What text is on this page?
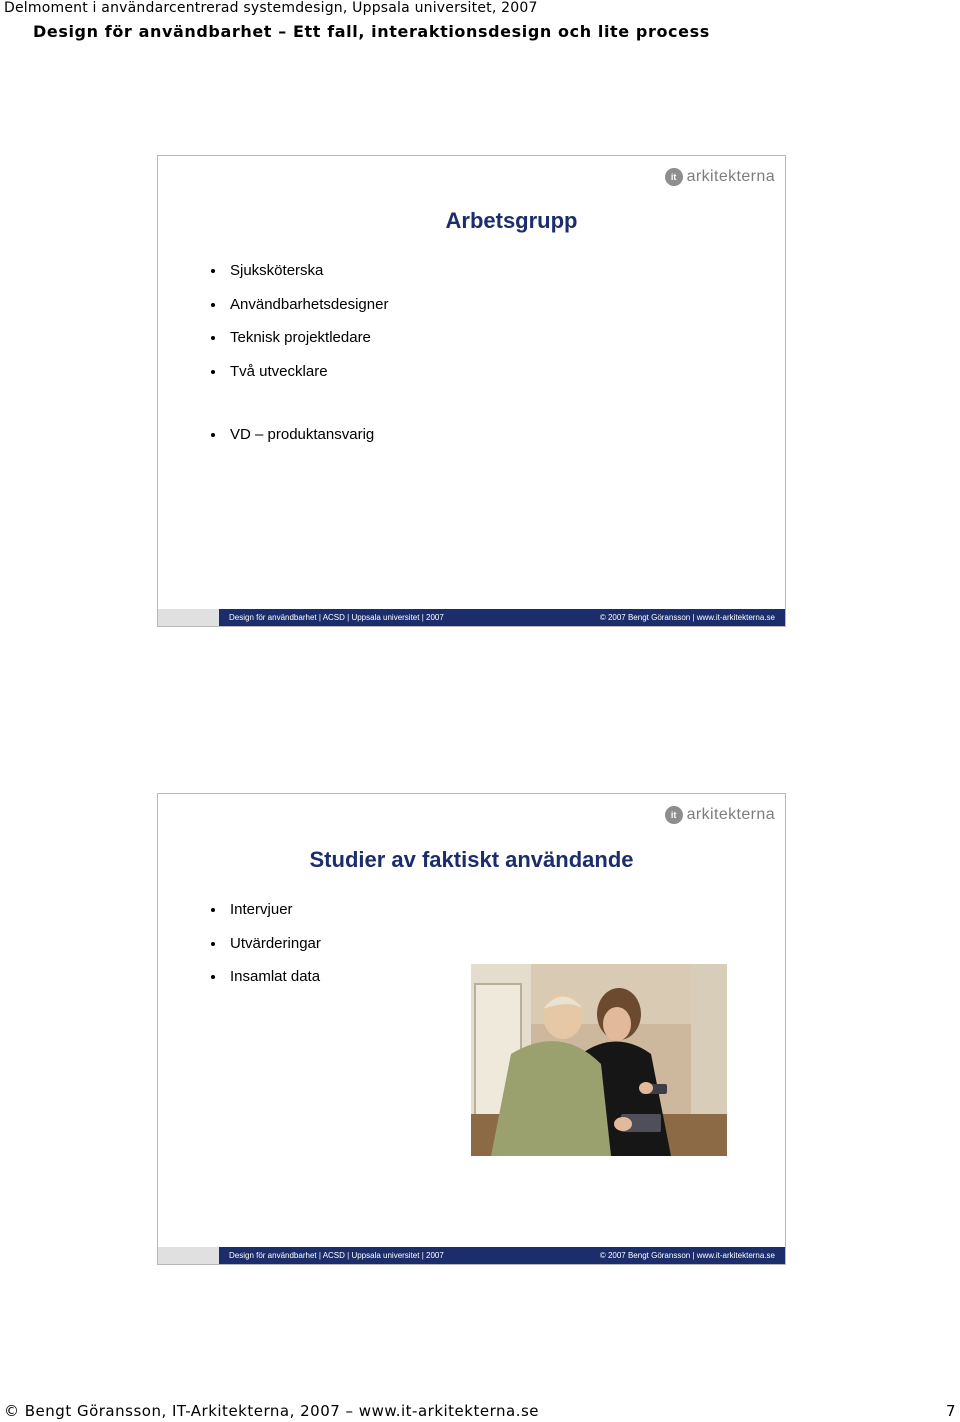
Delmoment i användarcentrerad systemdesign, Uppsala universitet, 2007
Design för användbarhet – Ett fall, interaktionsdesign och lite process
it arkitekterna
Arbetsgrupp
Sjuksköterska
Användbarhetsdesigner
Teknisk projektledare
Två utvecklare
VD – produktansvarig
Design för användbarhet | ACSD | Uppsala universitet | 2007	© 2007 Bengt Göransson | www.it-arkitekterna.se
it arkitekterna
Studier av faktiskt användande
Intervjuer
Utvärderingar
Insamlat data
Design för användbarhet | ACSD | Uppsala universitet | 2007	© 2007 Bengt Göransson | www.it-arkitekterna.se
© Bengt Göransson, IT-Arkitekterna, 2007 – www.it-arkitekterna.se	7
